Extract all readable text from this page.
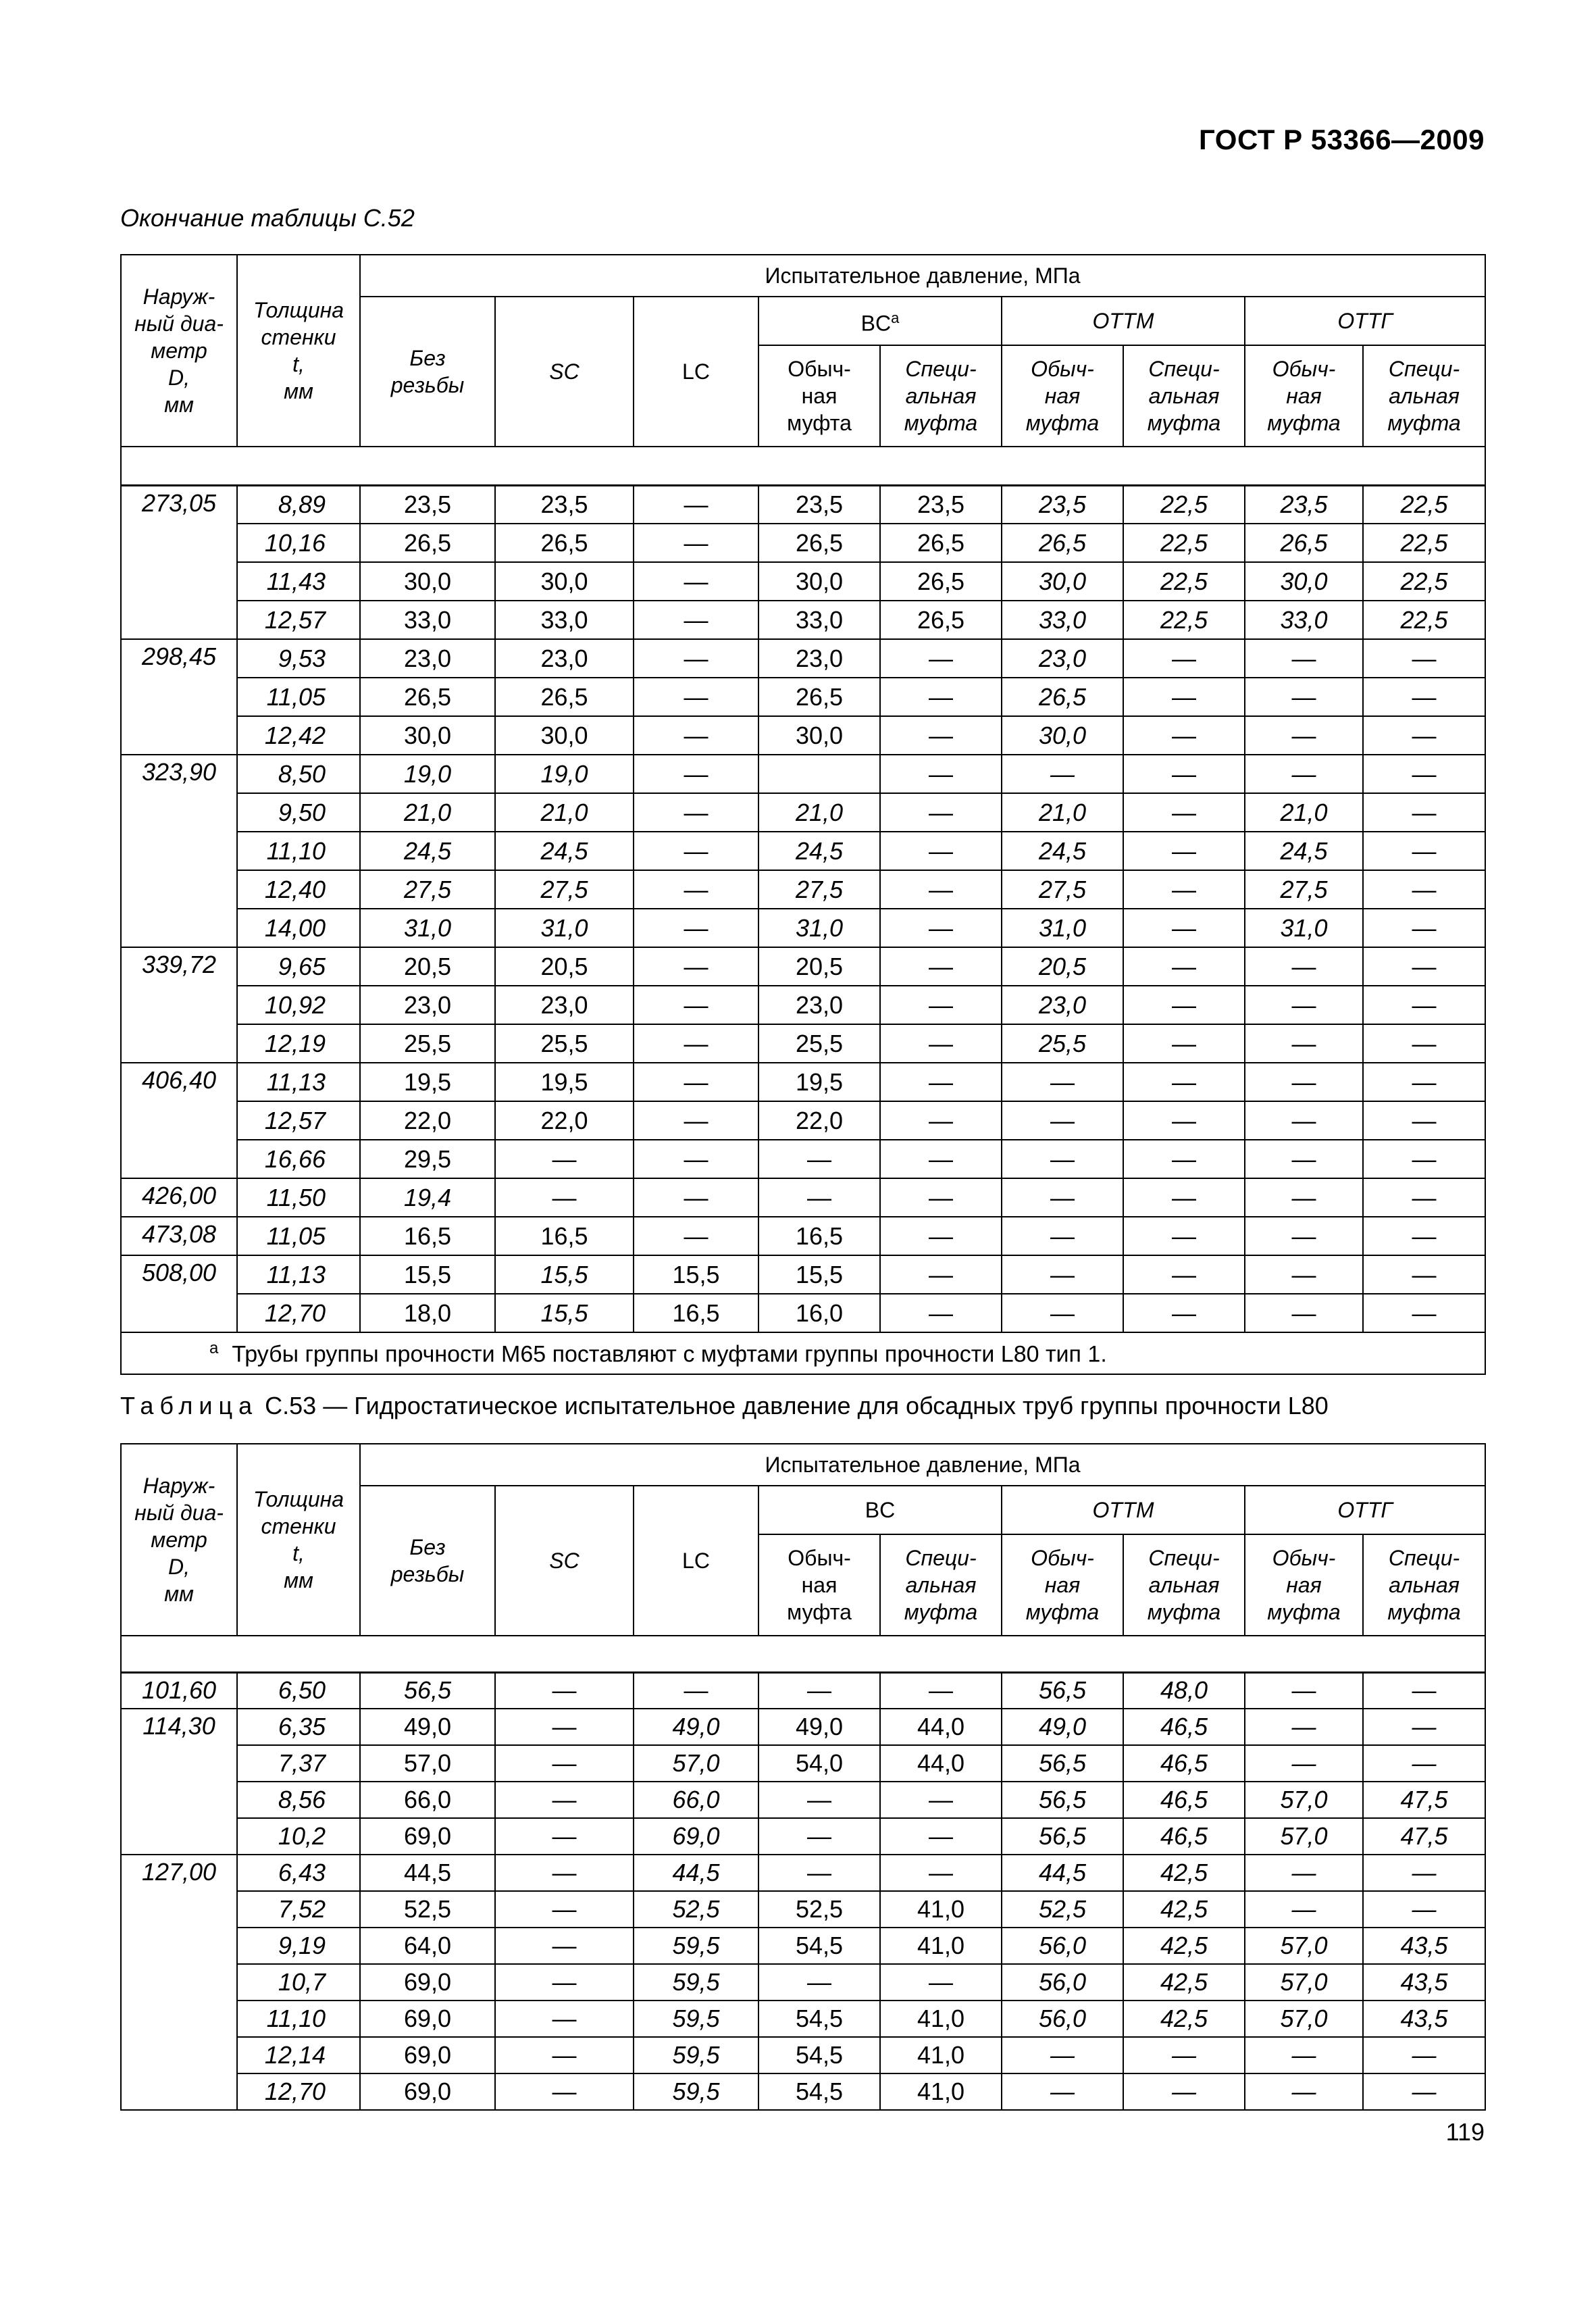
ГОСТ Р 53366—2009
Окончание таблицы С.52
Наруж-
ный диа-
метр
D,
мм	Толщина
стенки
t,
мм	Испытательное давление, МПа								
		Без
резьбы	SC	LC	$BC^a$		ОТТМ		ОТТГ	
					Обыч-
ная
муфта	Специ-
альная
муфта	Обыч-
ная
муфта	Специ-
альная
муфта	Обыч-
ная
муфта	Специ-
альная
муфта

273,05	8,89	23,5	23,5	—	23,5	23,5	23,5	22,5	23,5	22,5
	10,16	26,5	26,5	—	26,5	26,5	26,5	22,5	26,5	22,5
	11,43	30,0	30,0	—	30,0	26,5	30,0	22,5	30,0	22,5
	12,57	33,0	33,0	—	33,0	26,5	33,0	22,5	33,0	22,5
298,45	9,53	23,0	23,0	—	23,0	—	23,0	—	—	—
	11,05	26,5	26,5	—	26,5	—	26,5	—	—	—
	12,42	30,0	30,0	—	30,0	—	30,0	—	—	—
323,90	8,50	19,0	19,0	—		—	—	—	—	—
	9,50	21,0	21,0	—	21,0	—	21,0	—	21,0	—
	11,10	24,5	24,5	—	24,5	—	24,5	—	24,5	—
	12,40	27,5	27,5	—	27,5	—	27,5	—	27,5	—
	14,00	31,0	31,0	—	31,0	—	31,0	—	31,0	—
339,72	9,65	20,5	20,5	—	20,5	—	20,5	—	—	—
	10,92	23,0	23,0	—	23,0	—	23,0	—	—	—
	12,19	25,5	25,5	—	25,5	—	25,5	—	—	—
406,40	11,13	19,5	19,5	—	19,5	—	—	—	—	—
	12,57	22,0	22,0	—	22,0	—	—	—	—	—
	16,66	29,5	—	—	—	—	—	—	—	—
426,00	11,50	19,4	—	—	—	—	—	—	—	—
473,08	11,05	16,5	16,5	—	16,5	—	—	—	—	—
508,00	11,13	15,5	15,5	15,5	15,5	—	—	—	—	—
	12,70	18,0	15,5	16,5	16,0	—	—	—	—	—
$^a$ Трубы группы прочности М65 поставляют с муфтами группы прочности L80 тип 1.										
Таблица С.53 — Гидростатическое испытательное давление для обсадных труб группы прочности L80
Наруж-
ный диа-
метр
D,
мм	Толщина
стенки
t,
мм	Испытательное давление, МПа								
		Без
резьбы	SC	LC	BC		ОТТМ		ОТТГ	
					Обыч-
ная
муфта	Специ-
альная
муфта	Обыч-
ная
муфта	Специ-
альная
муфта	Обыч-
ная
муфта	Специ-
альная
муфта

101,60	6,50	56,5	—	—	—	—	56,5	48,0	—	—
114,30	6,35	49,0	—	49,0	49,0	44,0	49,0	46,5	—	—
	7,37	57,0	—	57,0	54,0	44,0	56,5	46,5	—	—
	8,56	66,0	—	66,0	—	—	56,5	46,5	57,0	47,5
	10,2	69,0	—	69,0	—	—	56,5	46,5	57,0	47,5
127,00	6,43	44,5	—	44,5	—	—	44,5	42,5	—	—
	7,52	52,5	—	52,5	52,5	41,0	52,5	42,5	—	—
	9,19	64,0	—	59,5	54,5	41,0	56,0	42,5	57,0	43,5
	10,7	69,0	—	59,5	—	—	56,0	42,5	57,0	43,5
	11,10	69,0	—	59,5	54,5	41,0	56,0	42,5	57,0	43,5
	12,14	69,0	—	59,5	54,5	41,0	—	—	—	—
	12,70	69,0	—	59,5	54,5	41,0	—	—	—	—
119
